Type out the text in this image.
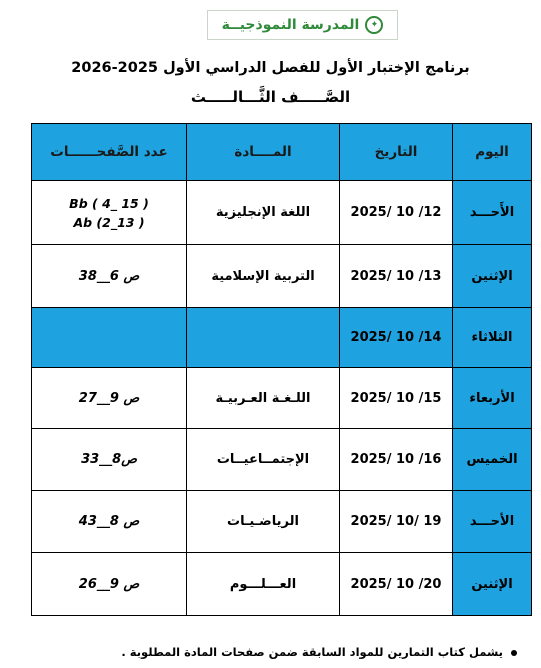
المدرسة النموذجيــة	✦
برنامج الإختبار الأول للفصل الدراسي الأول 2025-2026
الصَّـــــف الثَّـــالـــــث
عدد الصَّفحــــــات	المــــادة	التاريخ	اليوم

Bb ( 4_ 15 )
Ab (2_13 )	اللغة الإنجليزية	2025/ 10 /12	الأَحـــد
ص 6__38	التربية الإسلامية	2025/ 10 /13	الإثنين
		2025/ 10 /14	الثلاثاء
ص 9__27	اللـغـة العـربيـة	2025/ 10 /15	الأربعاء
ص8__33	الإجتمــاعيــات	2025/ 10 /16	الخميس
ص 8__43	الرياضـيـات	2025/ 10/ 19	الأحـــد
ص 9__26	العـــلـــوم	2025/ 10 /20	الإثنين
يشمل كتاب التمارين للمواد السابقة ضمن صفحات المادة المطلوبة .
